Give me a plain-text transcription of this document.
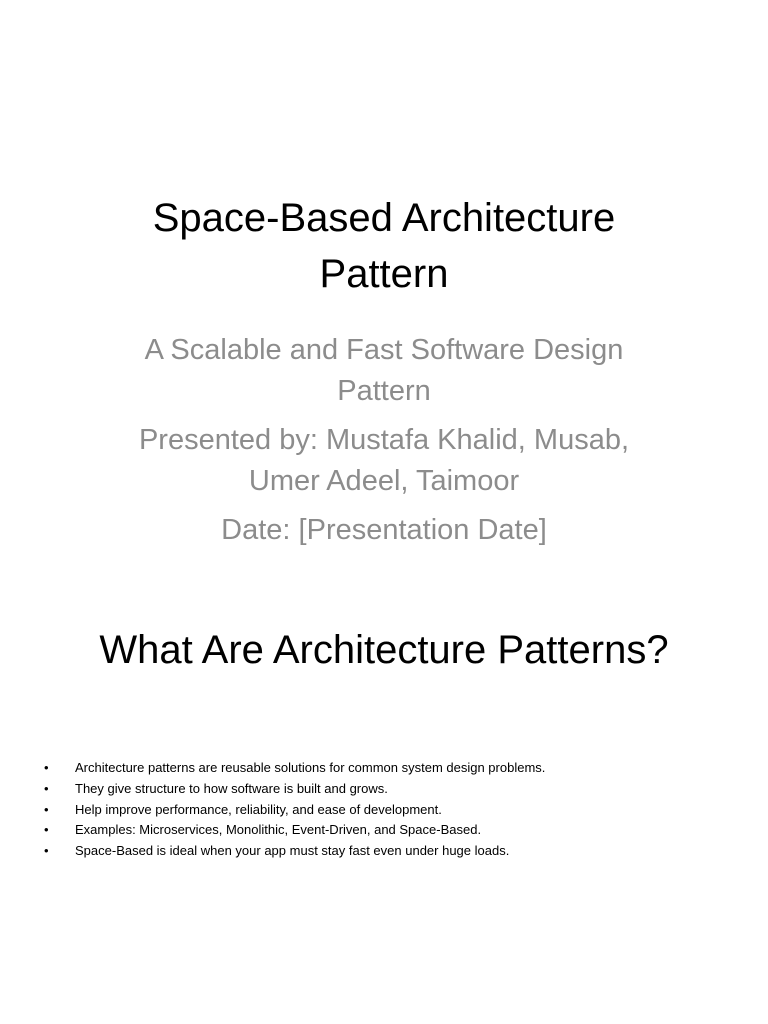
Space-Based Architecture Pattern
A Scalable and Fast Software Design Pattern
Presented by: Mustafa Khalid, Musab, Umer Adeel, Taimoor
Date: [Presentation Date]
What Are Architecture Patterns?
• Architecture patterns are reusable solutions for common system design problems.
• They give structure to how software is built and grows.
• Help improve performance, reliability, and ease of development.
• Examples: Microservices, Monolithic, Event-Driven, and Space-Based.
• Space-Based is ideal when your app must stay fast even under huge loads.
